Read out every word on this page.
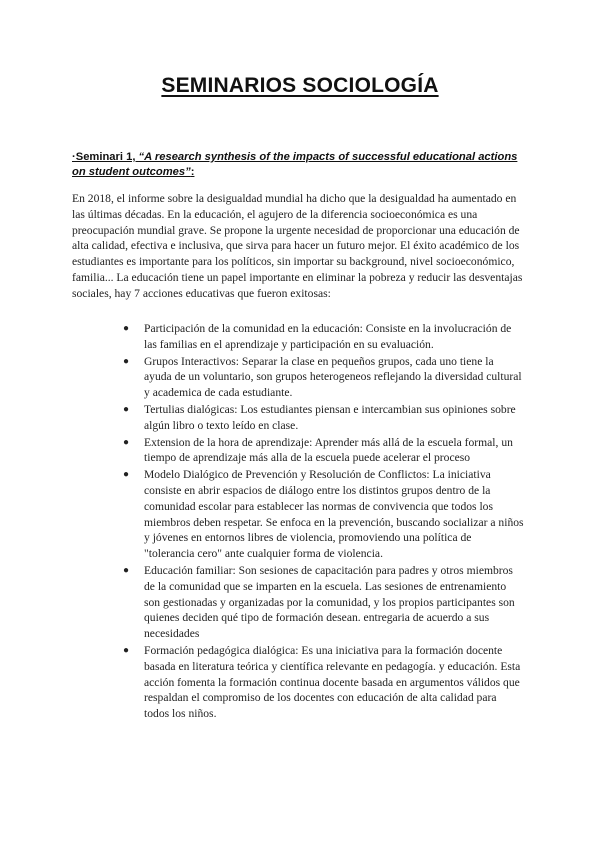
SEMINARIOS SOCIOLOGÍA
·Seminari 1, “A research synthesis of the impacts of successful educational actions on student outcomes”:

En 2018, el informe sobre la desigualdad mundial ha dicho que la desigualdad ha aumentado en las últimas décadas. En la educación, el agujero de la diferencia socioeconómica es una preocupación mundial grave. Se propone la urgente necesidad de proporcionar una educación de alta calidad, efectiva e inclusiva, que sirva para hacer un futuro mejor. El éxito académico de los estudiantes es importante para los políticos, sin importar su background, nivel socioeconómico, familia... La educación tiene un papel importante en eliminar la pobreza y reducir las desventajas sociales, hay 7 acciones educativas que fueron exitosas:

● Participación de la comunidad en la educación: Consiste en la involucración de las familias en el aprendizaje y participación en su evaluación.
● Grupos Interactivos: Separar la clase en pequeños grupos, cada uno tiene la ayuda de un voluntario, son grupos heterogeneos reflejando la diversidad cultural y academica de cada estudiante.
● Tertulias dialógicas: Los estudiantes piensan e intercambian sus opiniones sobre algún libro o texto leído en clase.
● Extension de la hora de aprendizaje: Aprender más allá de la escuela formal, un tiempo de aprendizaje más alla de la escuela puede acelerar el proceso
● Modelo Dialógico de Prevención y Resolución de Conflictos: La iniciativa consiste en abrir espacios de diálogo entre los distintos grupos dentro de la comunidad escolar para establecer las normas de convivencia que todos los miembros deben respetar. Se enfoca en la prevención, buscando socializar a niños y jóvenes en entornos libres de violencia, promoviendo una política de "tolerancia cero" ante cualquier forma de violencia.
● Educación familiar: Son sesiones de capacitación para padres y otros miembros de la comunidad que se imparten en la escuela. Las sesiones de entrenamiento son gestionadas y organizadas por la comunidad, y los propios participantes son quienes deciden qué tipo de formación desean. entregaria de acuerdo a sus necesidades
● Formación pedagógica dialógica: Es una iniciativa para la formación docente basada en literatura teórica y científica relevante en pedagogía. y educación. Esta acción fomenta la formación continua docente basada en argumentos válidos que respaldan el compromiso de los docentes con educación de alta calidad para todos los niños.
